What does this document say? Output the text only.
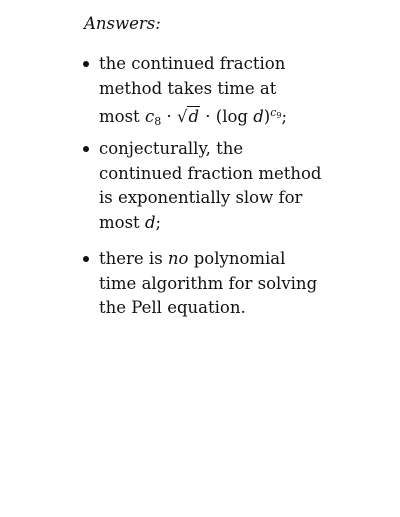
Answers:
the continued fraction
method takes time at
most $c_8 \cdot √d \cdot (\log$ d)$^{c9}$;
conjecturally, the
continued fraction method
is exponentially slow for
most d;
there is no polynomial
time algorithm for solving
the Pell equation.
